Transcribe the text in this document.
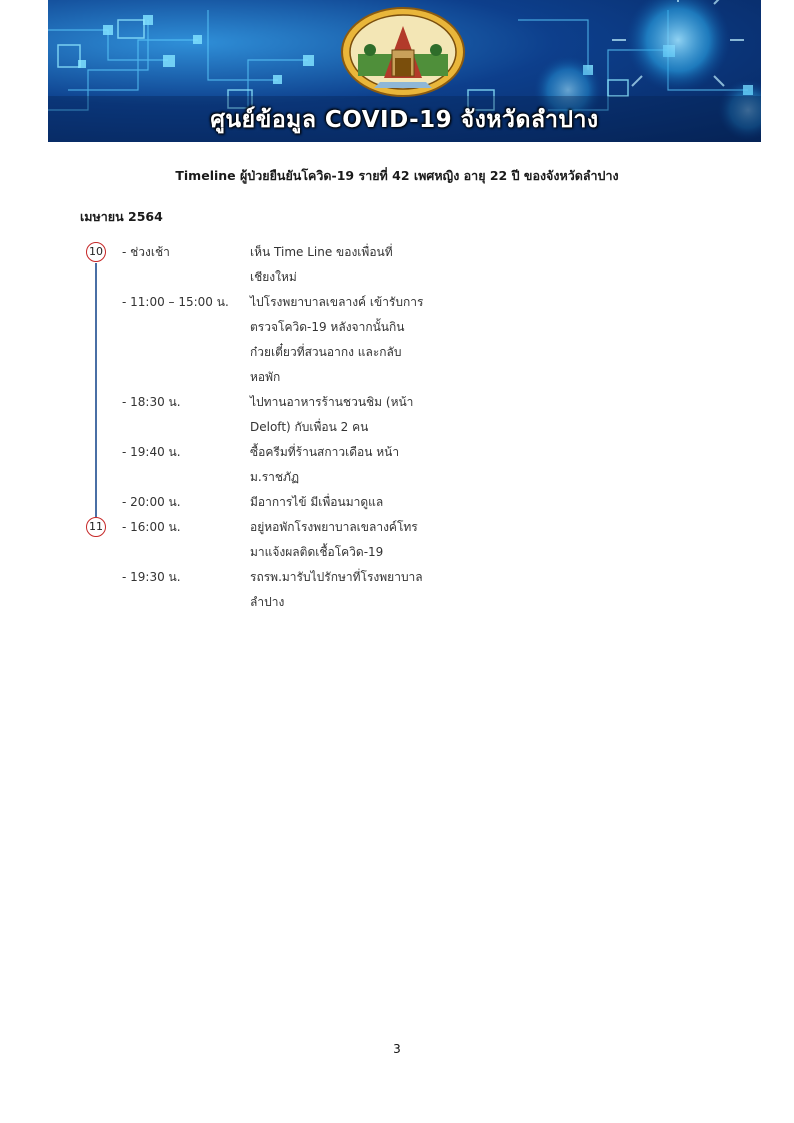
ศูนย์ข้อมูล COVID-19 จังหวัดลำปาง
Timeline ผู้ป่วยยืนยันโควิด-19 รายที่ 42 เพศหญิง อายุ 22 ปี ของจังหวัดลำปาง
เมษายน 2564
10 - ช่วงเช้า	เห็น Time Line ของเพื่อนที่
เชียงใหม่
- 11:00 – 15:00 น. ไปโรงพยาบาลเขลางค์ เข้ารับการ
ตรวจโควิด-19 หลังจากนั้นกิน
ก๋วยเตี๋ยวที่สวนอากง และกลับ
หอพัก
- 18:30 น.	ไปทานอาหารร้านชวนชิม (หน้า
Deloft) กับเพื่อน 2 คน
- 19:40 น.	ซื้อครีมที่ร้านสกาวเดือน หน้า
ม.ราชภัฏ
- 20:00 น.	มีอาการไข้ มีเพื่อนมาดูแล
11 - 16:00 น.	อยู่หอพักโรงพยาบาลเขลางค์โทร
มาแจ้งผลติดเชื้อโควิด-19
- 19:30 น.	รถรพ.มารับไปรักษาที่โรงพยาบาล
ลำปาง
3
